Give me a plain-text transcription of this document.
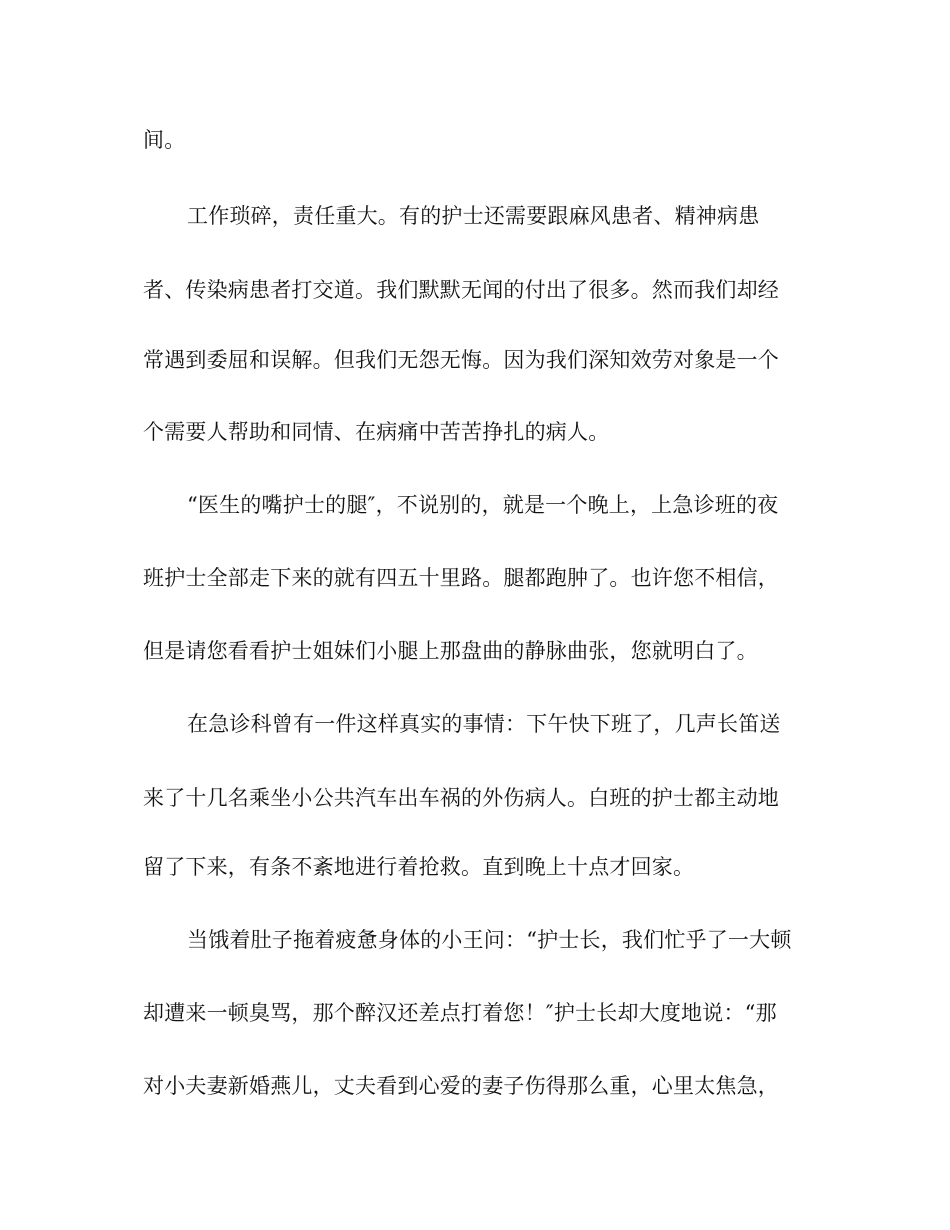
间。

工作琐碎，责任重大。有的护士还需要跟麻风患者、精神病患

者、传染病患者打交道。我们默默无闻的付出了很多。然而我们却经

常遇到委屈和误解。但我们无怨无悔。因为我们深知效劳对象是一个

个需要人帮助和同情、在病痛中苦苦挣扎的病人。

“医生的嘴护士的腿″，不说别的，就是一个晚上，上急诊班的夜

班护士全部走下来的就有四五十里路。腿都跑肿了。也许您不相信，

但是请您看看护士姐妹们小腿上那盘曲的静脉曲张，您就明白了。

在急诊科曾有一件这样真实的事情：下午快下班了，几声长笛送

来了十几名乘坐小公共汽车出车祸的外伤病人。白班的护士都主动地

留了下来，有条不紊地进行着抢救。直到晚上十点才回家。

当饿着肚子拖着疲惫身体的小王问：“护士长，我们忙乎了一大顿

却遭来一顿臭骂，那个醉汉还差点打着您！″护士长却大度地说：“那

对小夫妻新婚燕儿，丈夫看到心爱的妻子伤得那么重，心里太焦急，
